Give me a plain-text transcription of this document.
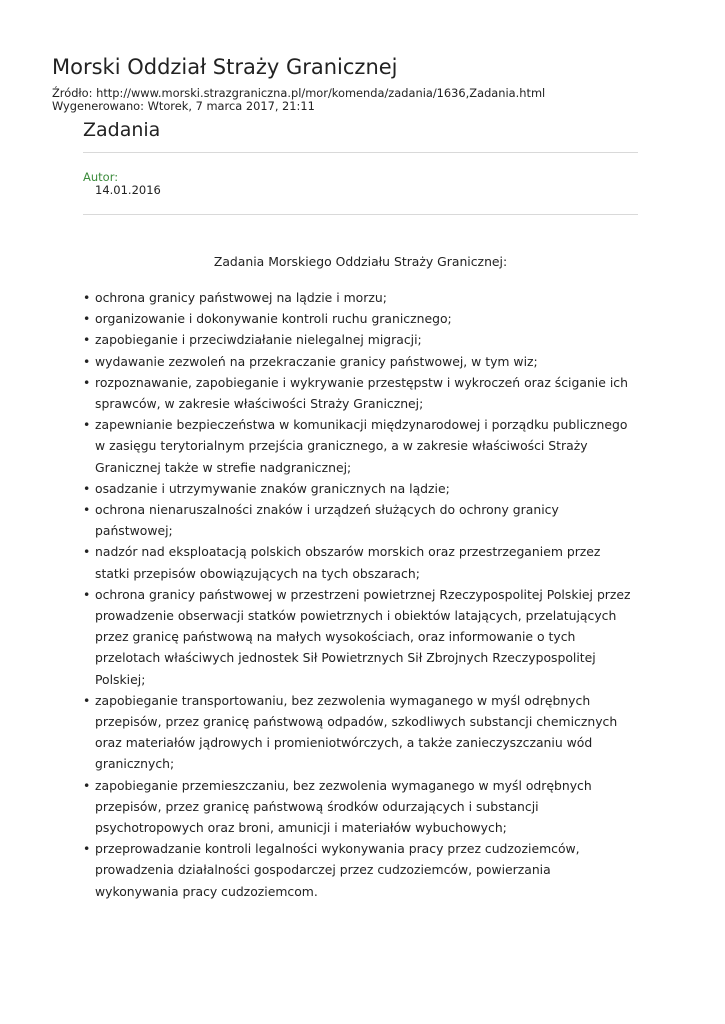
Morski Oddział Straży Granicznej

Źródło: http://www.morski.strazgraniczna.pl/mor/komenda/zadania/1636,Zadania.html

Wygenerowano: Wtorek, 7 marca 2017, 21:11

Zadania
Autor:
14.01.2016

Zadania Morskiego Oddziału Straży Granicznej:

• ochrona granicy państwowej na lądzie i morzu;
• organizowanie i dokonywanie kontroli ruchu granicznego;
• zapobieganie i przeciwdziałanie nielegalnej migracji;
• wydawanie zezwoleń na przekraczanie granicy państwowej, w tym wiz;
• rozpoznawanie, zapobieganie i wykrywanie przestępstw i wykroczeń oraz ściganie ich sprawców, w zakresie właściwości Straży Granicznej;
• zapewnianie bezpieczeństwa w komunikacji międzynarodowej i porządku publicznego w zasięgu terytorialnym przejścia granicznego, a w zakresie właściwości Straży Granicznej także w strefie nadgranicznej;
• osadzanie i utrzymywanie znaków granicznych na lądzie;
• ochrona nienaruszalności znaków i urządzeń służących do ochrony granicy państwowej;
• nadzór nad eksploatacją polskich obszarów morskich oraz przestrzeganiem przez statki przepisów obowiązujących na tych obszarach;
• ochrona granicy państwowej w przestrzeni powietrznej Rzeczypospolitej Polskiej przez prowadzenie obserwacji statków powietrznych i obiektów latających, przelatujących przez granicę państwową na małych wysokościach, oraz informowanie o tych przelotach właściwych jednostek Sił Powietrznych Sił Zbrojnych Rzeczypospolitej Polskiej;
• zapobieganie transportowaniu, bez zezwolenia wymaganego w myśl odrębnych przepisów, przez granicę państwową odpadów, szkodliwych substancji chemicznych oraz materiałów jądrowych i promieniotwórczych, a także zanieczyszczaniu wód granicznych;
• zapobieganie przemieszczaniu, bez zezwolenia wymaganego w myśl odrębnych przepisów, przez granicę państwową środków odurzających i substancji psychotropowych oraz broni, amunicji i materiałów wybuchowych;
• przeprowadzanie kontroli legalności wykonywania pracy przez cudzoziemców, prowadzenia działalności gospodarczej przez cudzoziemców, powierzania wykonywania pracy cudzoziemcom.
